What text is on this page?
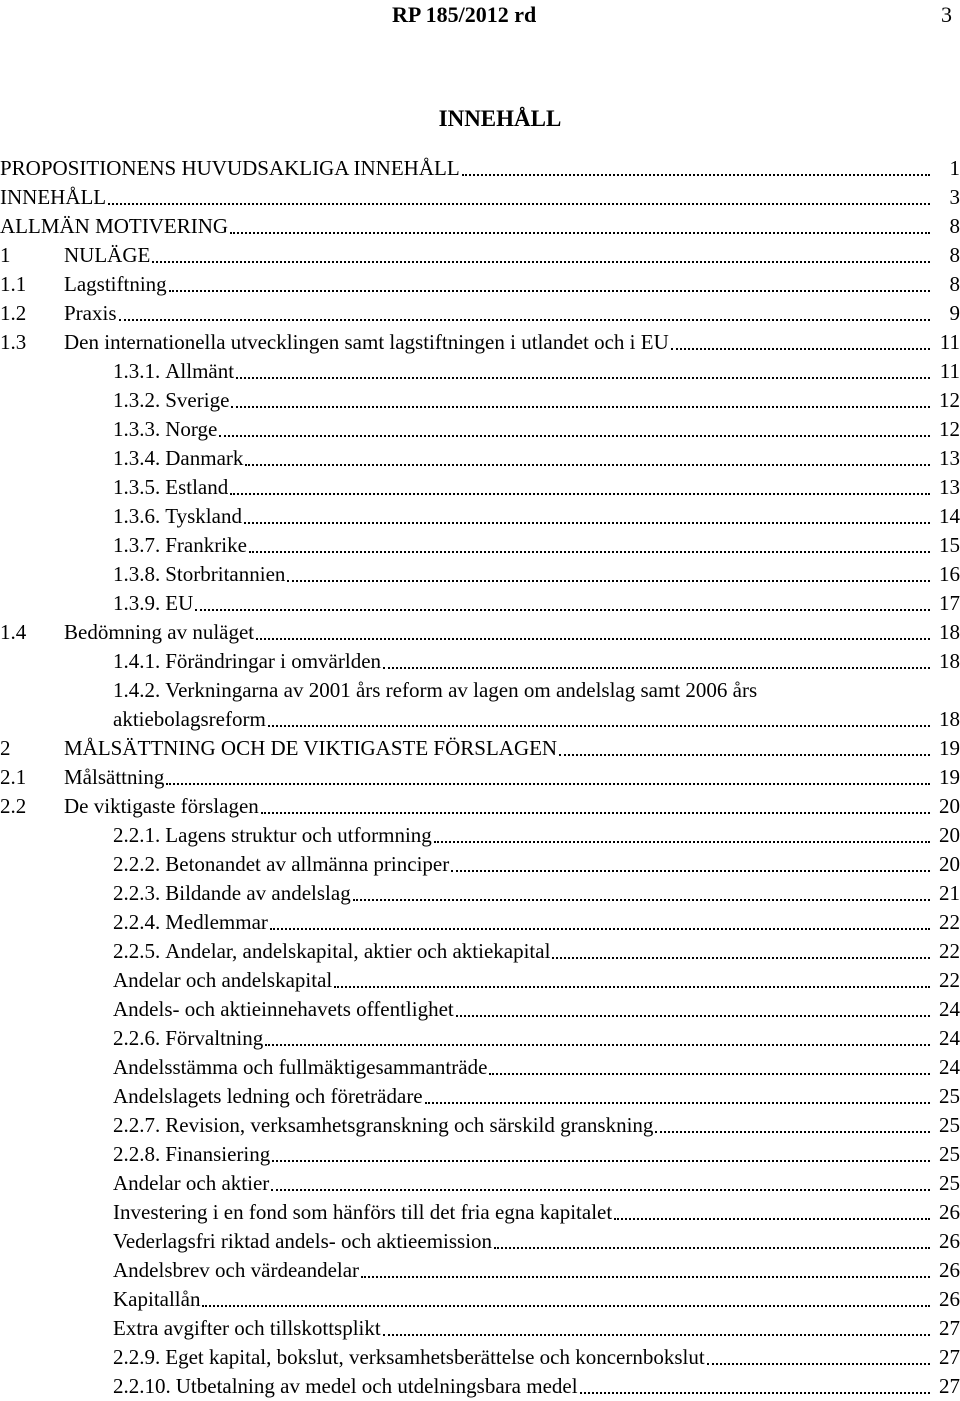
RP 185/2012 rd	3
INNEHÅLL
PROPOSITIONENS HUVUDSAKLIGA INNEHÅLL	1
INNEHÅLL	3
ALLMÄN MOTIVERING	8
1	NULÄGE	8
1.1	Lagstiftning	8
1.2	Praxis	9
1.3	Den internationella utvecklingen samt lagstiftningen i utlandet och i EU	11
1.3.1. Allmänt	11
1.3.2. Sverige	12
1.3.3. Norge	12
1.3.4. Danmark	13
1.3.5. Estland	13
1.3.6. Tyskland	14
1.3.7. Frankrike	15
1.3.8. Storbritannien	16
1.3.9. EU	17
1.4	Bedömning av nuläget	18
1.4.1. Förändringar i omvärlden	18
1.4.2. Verkningarna av 2001 års reform av lagen om andelslag samt 2006 års
aktiebolagsreform	18
2	MÅLSÄTTNING OCH DE VIKTIGASTE FÖRSLAGEN	19
2.1	Målsättning	19
2.2	De viktigaste förslagen	20
2.2.1. Lagens struktur och utformning	20
2.2.2. Betonandet av allmänna principer	20
2.2.3. Bildande av andelslag	21
2.2.4. Medlemmar	22
2.2.5. Andelar, andelskapital, aktier och aktiekapital	22
Andelar och andelskapital	22
Andels- och aktieinnehavets offentlighet	24
2.2.6. Förvaltning	24
Andelsstämma och fullmäktigesammanträde	24
Andelslagets ledning och företrädare	25
2.2.7. Revision, verksamhetsgranskning och särskild granskning	25
2.2.8. Finansiering	25
Andelar och aktier	25
Investering i en fond som hänförs till det fria egna kapitalet	26
Vederlagsfri riktad andels- och aktieemission	26
Andelsbrev och värdeandelar	26
Kapitallån	26
Extra avgifter och tillskottsplikt	27
2.2.9. Eget kapital, bokslut, verksamhetsberättelse och koncernbokslut	27
2.2.10. Utbetalning av medel och utdelningsbara medel	27
